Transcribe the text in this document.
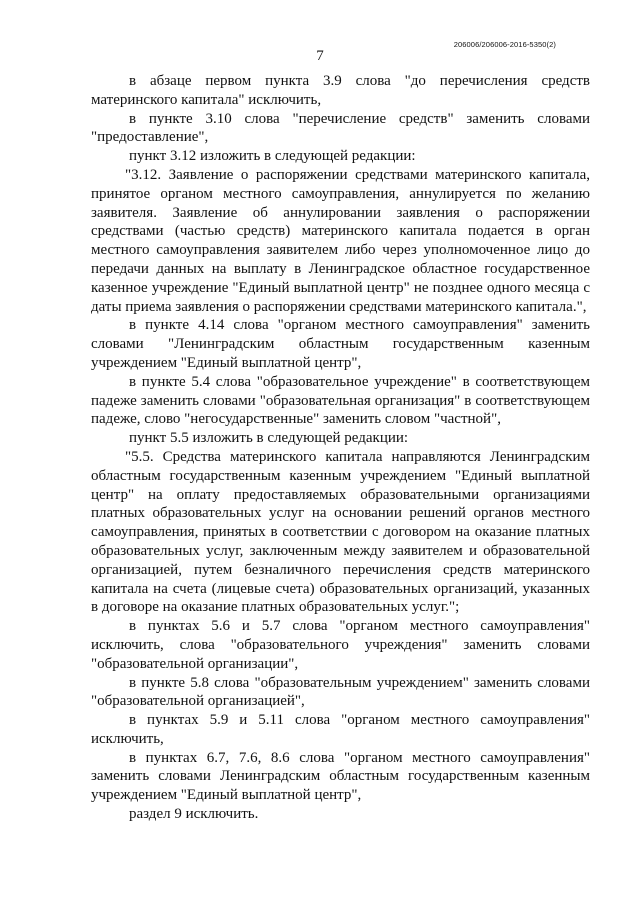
206006/206006-2016-5350(2)
7

в абзаце первом пункта 3.9 слова "до перечисления средств материнского капитала" исключить,

в пункте 3.10 слова "перечисление средств" заменить словами "предоставление",

пункт 3.12 изложить в следующей редакции:

"3.12. Заявление о распоряжении средствами материнского капитала, принятое органом местного самоуправления, аннулируется по желанию заявителя. Заявление об аннулировании заявления о распоряжении средствами (частью средств) материнского капитала подается в орган местного самоуправления заявителем либо через уполномоченное лицо до передачи данных на выплату в Ленинградское областное государственное казенное учреждение "Единый выплатной центр" не позднее одного месяца с даты приема заявления о распоряжении средствами материнского капитала.",

в пункте 4.14 слова "органом местного самоуправления" заменить словами "Ленинградским областным государственным казенным учреждением "Единый выплатной центр",

в пункте 5.4 слова "образовательное учреждение" в соответствующем падеже заменить словами "образовательная организация" в соответствующем падеже, слово "негосударственные" заменить словом "частной",

пункт 5.5 изложить в следующей редакции:

"5.5. Средства материнского капитала направляются Ленинградским областным государственным казенным учреждением "Единый выплатной центр" на оплату предоставляемых образовательными организациями платных образовательных услуг на основании решений органов местного самоуправления, принятых в соответствии с договором на оказание платных образовательных услуг, заключенным между заявителем и образовательной организацией, путем безналичного перечисления средств материнского капитала на счета (лицевые счета) образовательных организаций, указанных в договоре на оказание платных образовательных услуг.";

в пунктах 5.6 и 5.7 слова "органом местного самоуправления" исключить, слова "образовательного учреждения" заменить словами "образовательной организации",

в пункте 5.8 слова "образовательным учреждением" заменить словами "образовательной организацией",

в пунктах 5.9 и 5.11 слова "органом местного самоуправления" исключить,

в пунктах 6.7, 7.6, 8.6 слова "органом местного самоуправления" заменить словами Ленинградским областным государственным казенным учреждением "Единый выплатной центр",

раздел 9 исключить.
